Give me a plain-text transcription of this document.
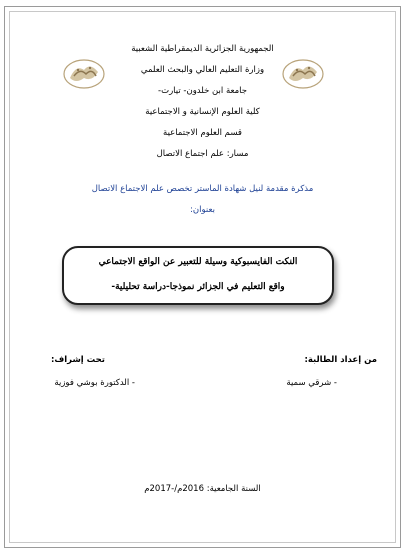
الجمهورية الجزائرية الديمقراطية الشعبية
وزارة التعليم العالي والبحث العلمي
جامعة ابن خلدون- تيارت-
كلية العلوم الإنسانية و الاجتماعية
قسم العلوم الاجتماعية
مسار: علم اجتماع الاتصال
مذكرة مقدمة لنيل شهادة الماستر تخصص علم الاجتماع الاتصال
بعنوان:
النكت الفايسبوكية وسيلة للتعبير عن الواقع الاجتماعي
واقع التعليم في الجزائر نموذجا-دراسة تحليلية-
من إعداد الطالبة:
- شرقي سمية
تحت إشراف:
- الدكتورة بوشي فوزية
السنة الجامعية: 2016م/-2017م
